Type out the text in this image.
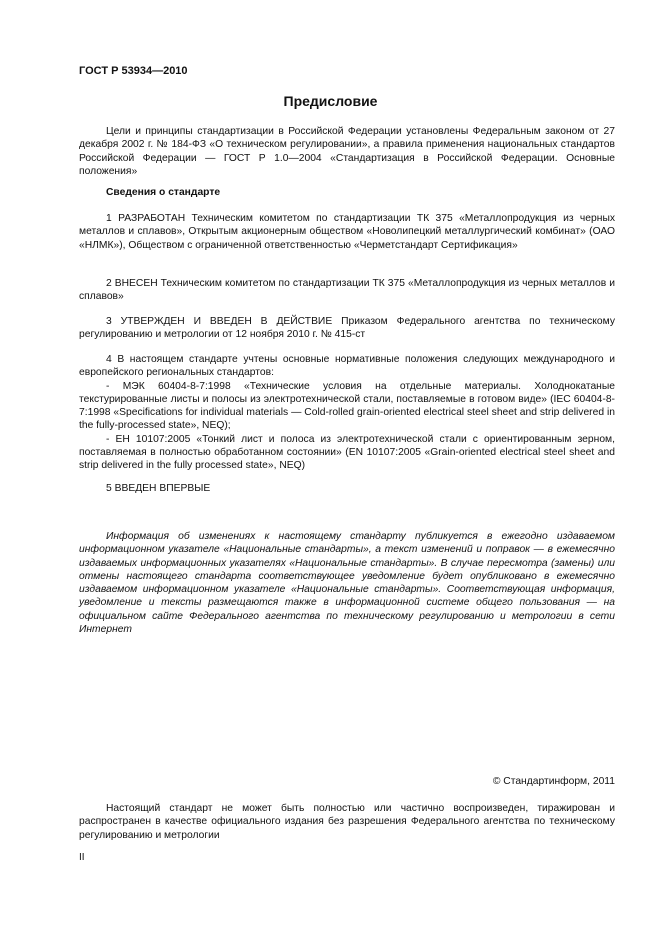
ГОСТ Р 53934—2010
Предисловие

Цели и принципы стандартизации в Российской Федерации установлены Федеральным законом от 27 декабря 2002 г. № 184-ФЗ «О техническом регулировании», а правила применения национальных стандартов Российской Федерации — ГОСТ Р 1.0—2004 «Стандартизация в Российской Федерации. Основные положения»

Сведения о стандарте

1 РАЗРАБОТАН Техническим комитетом по стандартизации ТК 375 «Металлопродукция из черных металлов и сплавов», Открытым акционерным обществом «Новолипецкий металлургический комбинат» (ОАО «НЛМК»), Обществом с ограниченной ответственностью «Черметстандарт Сертификация»

2 ВНЕСЕН Техническим комитетом по стандартизации ТК 375 «Металлопродукция из черных металлов и сплавов»

3 УТВЕРЖДЕН И ВВЕДЕН В ДЕЙСТВИЕ Приказом Федерального агентства по техническому регулированию и метрологии от 12 ноября 2010 г. № 415-ст

4 В настоящем стандарте учтены основные нормативные положения следующих международного и европейского региональных стандартов:

- МЭК 60404-8-7:1998 «Технические условия на отдельные материалы. Холоднокатаные текстурированные листы и полосы из электротехнической стали, поставляемые в готовом виде» (IEC 60404-8-7:1998 «Specifications for individual materials — Cold-rolled grain-oriented electrical steel sheet and strip delivered in the fully-processed state», NEQ);

- ЕН 10107:2005 «Тонкий лист и полоса из электротехнической стали с ориентированным зерном, поставляемая в полностью обработанном состоянии» (EN 10107:2005 «Grain-oriented electrical steel sheet and strip delivered in the fully processed state», NEQ)

5 ВВЕДЕН ВПЕРВЫЕ

Информация об изменениях к настоящему стандарту публикуется в ежегодно издаваемом информационном указателе «Национальные стандарты», а текст изменений и поправок — в ежемесячно издаваемых информационных указателях «Национальные стандарты». В случае пересмотра (замены) или отмены настоящего стандарта соответствующее уведомление будет опубликовано в ежемесячно издаваемом информационном указателе «Национальные стандарты». Соответствующая информация, уведомление и тексты размещаются также в информационной системе общего пользования — на официальном сайте Федерального агентства по техническому регулированию и метрологии в сети Интернет

© Стандартинформ, 2011

Настоящий стандарт не может быть полностью или частично воспроизведен, тиражирован и распространен в качестве официального издания без разрешения Федерального агентства по техническому регулированию и метрологии

II
